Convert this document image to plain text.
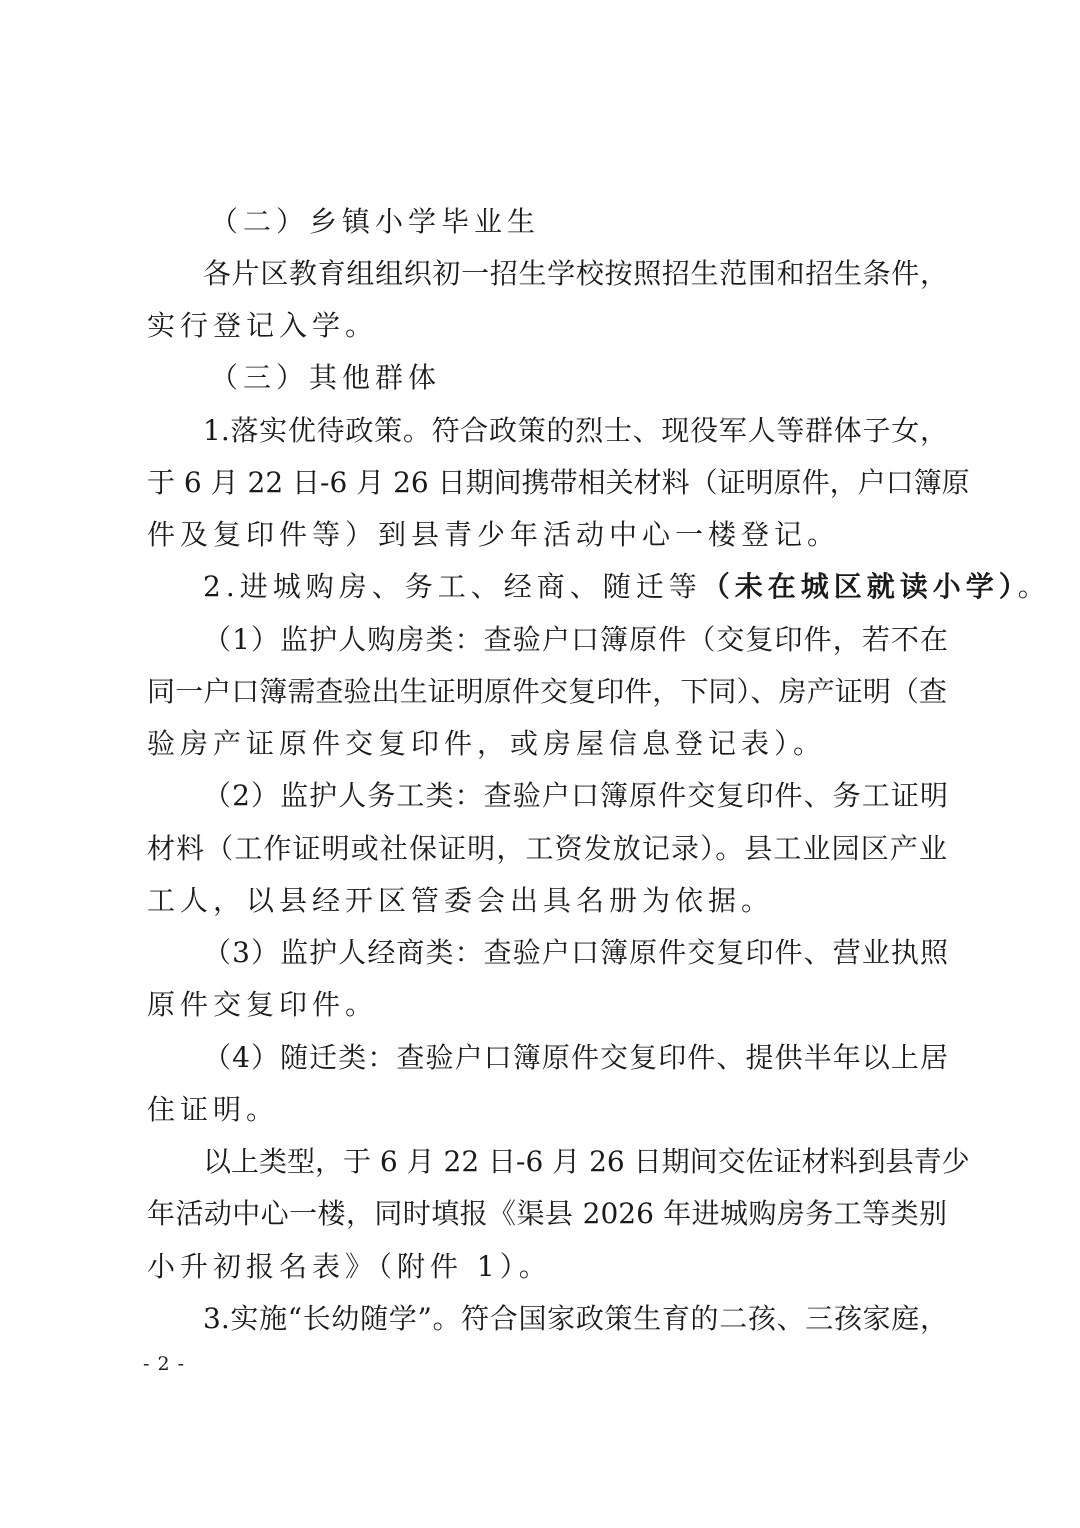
（二）乡镇小学毕业生
各片区教育组组织初一招生学校按照招生范围和招生条件，
实行登记入学。
（三）其他群体
1.落实优待政策。符合政策的烈士、现役军人等群体子女，
于 6 月 22 日-6 月 26 日期间携带相关材料（证明原件，户口簿原
件及复印件等）到县青少年活动中心一楼登记。
2.进城购房、务工、经商、随迁等（未在城区就读小学）。
（1）监护人购房类：查验户口簿原件（交复印件，若不在
同一户口簿需查验出生证明原件交复印件，下同）、房产证明（查
验房产证原件交复印件，或房屋信息登记表）。
（2）监护人务工类：查验户口簿原件交复印件、务工证明
材料（工作证明或社保证明，工资发放记录）。县工业园区产业
工人，以县经开区管委会出具名册为依据。
（3）监护人经商类：查验户口簿原件交复印件、营业执照
原件交复印件。
（4）随迁类：查验户口簿原件交复印件、提供半年以上居
住证明。
以上类型，于 6 月 22 日-6 月 26 日期间交佐证材料到县青少
年活动中心一楼，同时填报《渠县 2026 年进城购房务工等类别
小升初报名表》（附件 1）。
3.实施“长幼随学”。符合国家政策生育的二孩、三孩家庭，
- 2 -
